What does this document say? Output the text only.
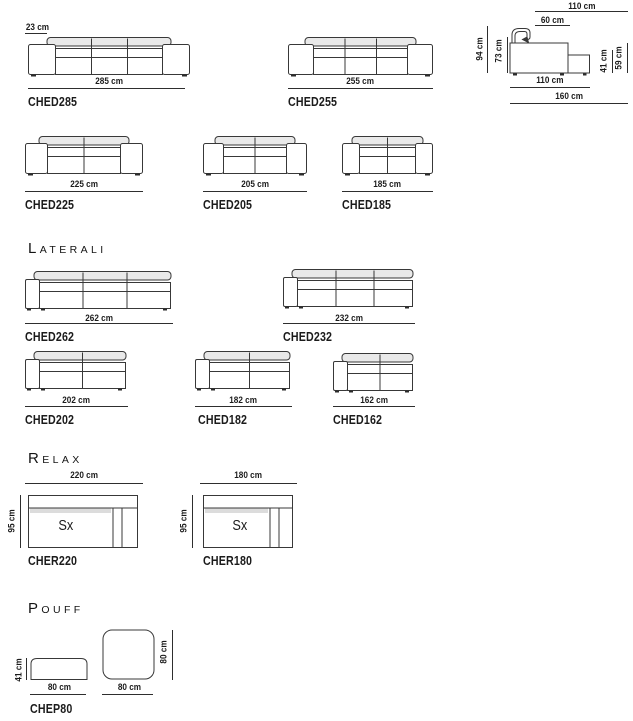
23 cm
285 cm
CHED285
255 cm
CHED255
110 cm
60 cm
94 cm 73 cm	41 cm 59 cm
110 cm
160 cm
225 cm
CHED225
205 cm
CHED205
185 cm
CHED185
LATERALI
262 cm
CHED262
232 cm
CHED232
202 cm
CHED202
182 cm
CHED182
162 cm
CHED162
RELAX
220 cm
95 cm	Sx
CHER220
180 cm
95 cm	Sx
CHER180
POUFF
41 cm
80 cm	80 cm
80 cm
CHEP80
